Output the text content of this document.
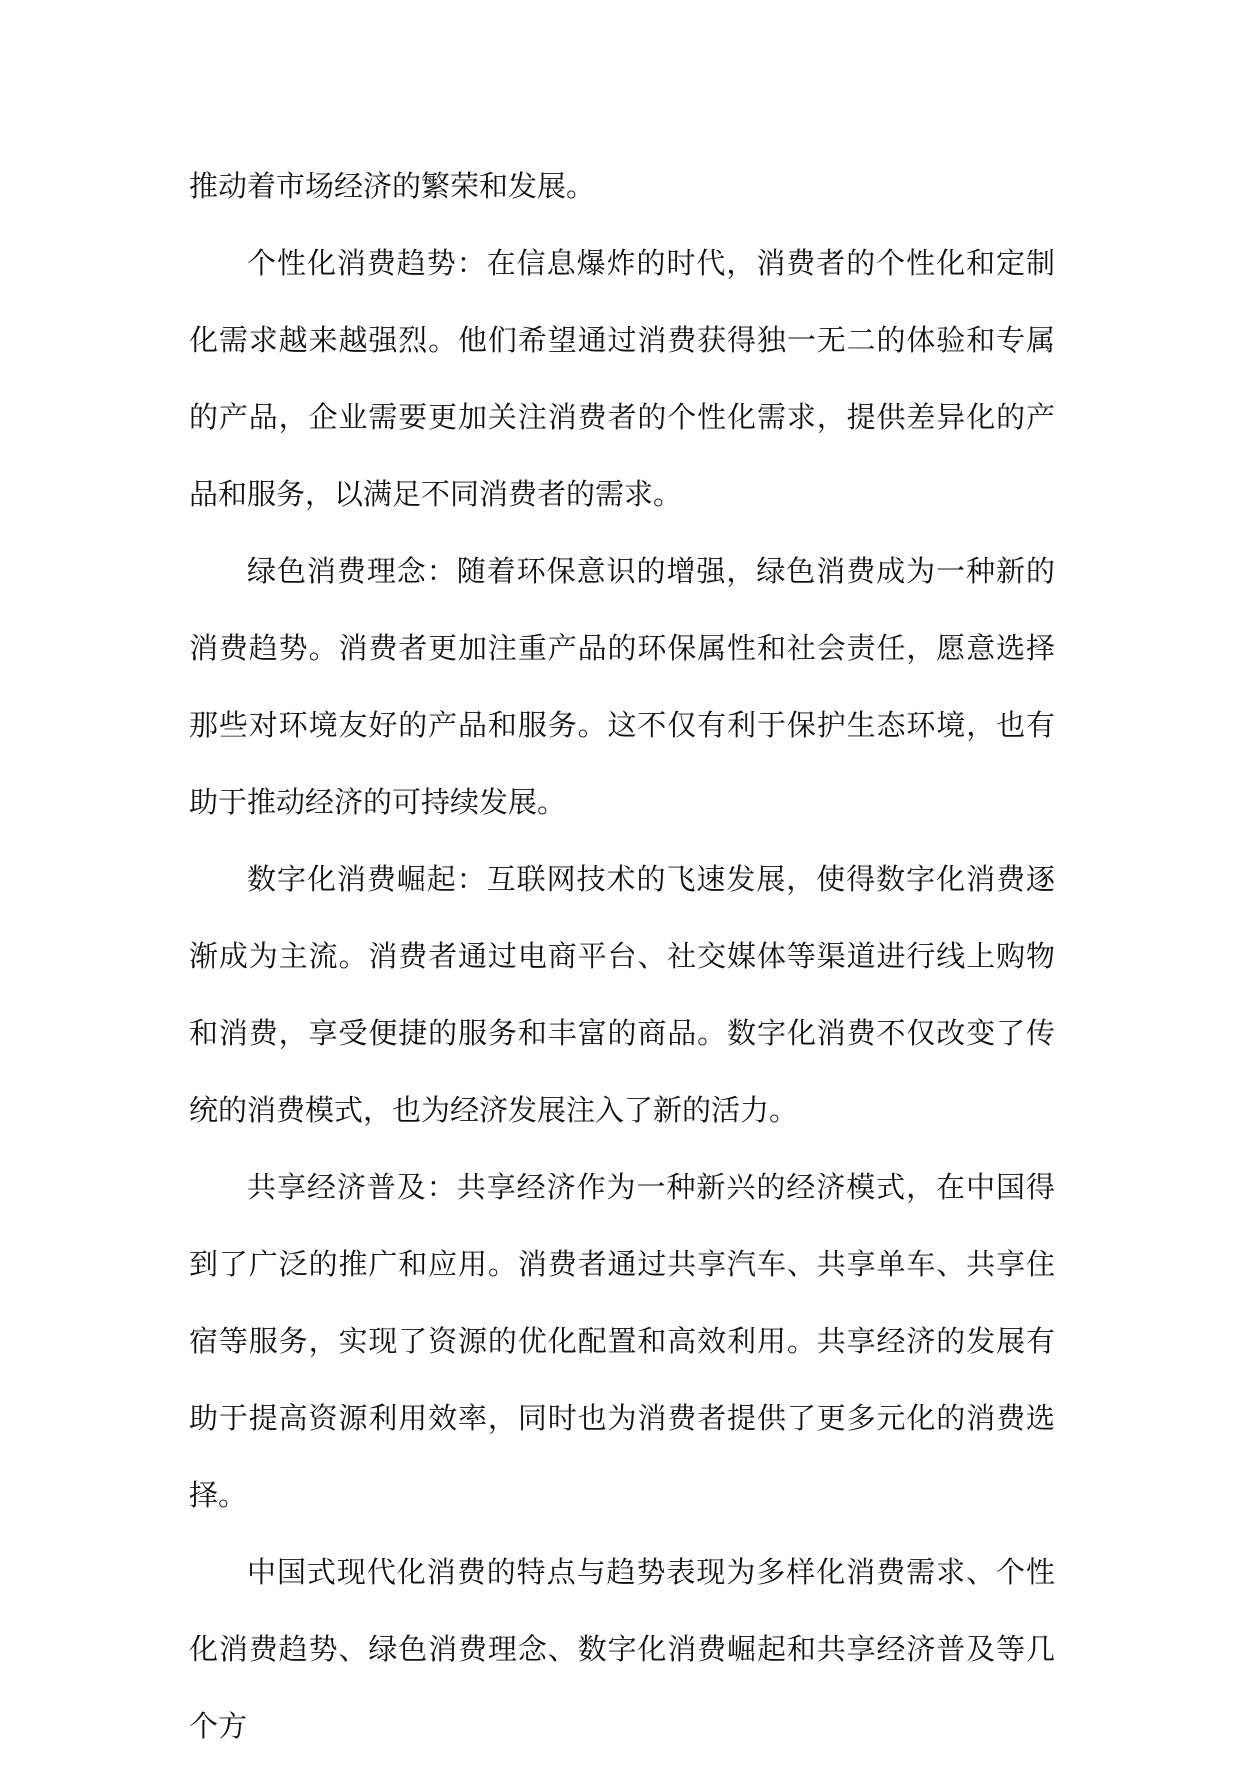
推动着市场经济的繁荣和发展。

个性化消费趋势：在信息爆炸的时代，消费者的个性化和定制化需求越来越强烈。他们希望通过消费获得独一无二的体验和专属的产品，企业需要更加关注消费者的个性化需求，提供差异化的产品和服务，以满足不同消费者的需求。

绿色消费理念：随着环保意识的增强，绿色消费成为一种新的消费趋势。消费者更加注重产品的环保属性和社会责任，愿意选择那些对环境友好的产品和服务。这不仅有利于保护生态环境，也有助于推动经济的可持续发展。

数字化消费崛起：互联网技术的飞速发展，使得数字化消费逐渐成为主流。消费者通过电商平台、社交媒体等渠道进行线上购物和消费，享受便捷的服务和丰富的商品。数字化消费不仅改变了传统的消费模式，也为经济发展注入了新的活力。

共享经济普及：共享经济作为一种新兴的经济模式，在中国得到了广泛的推广和应用。消费者通过共享汽车、共享单车、共享住宿等服务，实现了资源的优化配置和高效利用。共享经济的发展有助于提高资源利用效率，同时也为消费者提供了更多元化的消费选择。

中国式现代化消费的特点与趋势表现为多样化消费需求、个性化消费趋势、绿色消费理念、数字化消费崛起和共享经济普及等几个方
